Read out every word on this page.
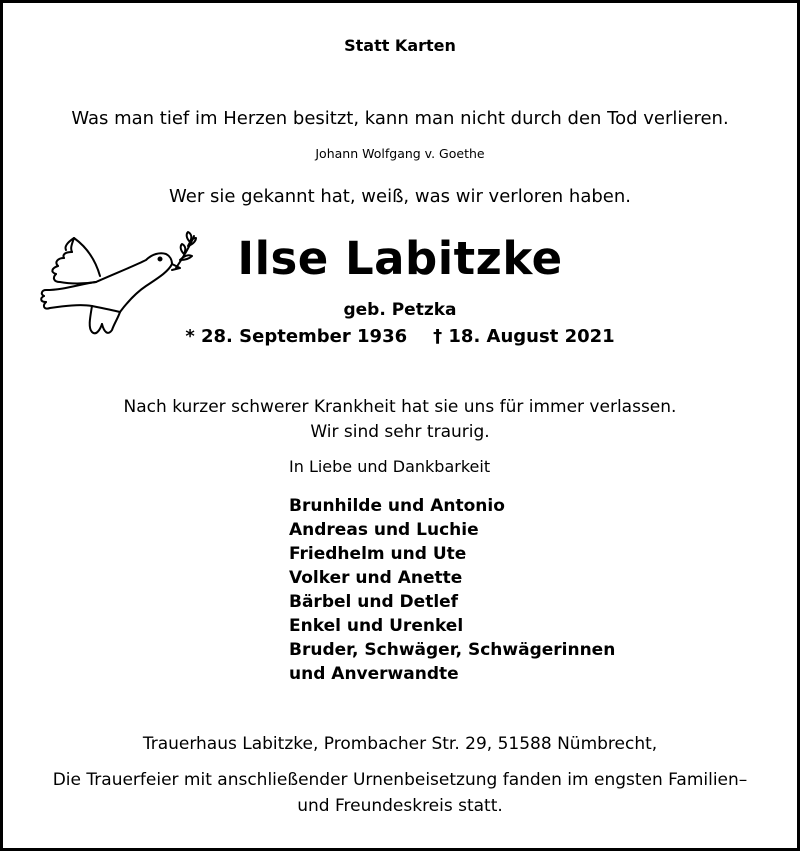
Statt Karten
Was man tief im Herzen besitzt, kann man nicht durch den Tod verlieren.
Johann Wolfgang v. Goethe
Wer sie gekannt hat, weiß, was wir verloren haben.
Ilse Labitzke
geb. Petzka
* 28. September 1936 † 18. August 2021
Nach kurzer schwerer Krankheit hat sie uns für immer verlassen.
Wir sind sehr traurig.
In Liebe und Dankbarkeit
Brunhilde und Antonio
Andreas und Luchie
Friedhelm und Ute
Volker und Anette
Bärbel und Detlef
Enkel und Urenkel
Bruder, Schwäger, Schwägerinnen
und Anverwandte
Trauerhaus Labitzke, Prombacher Str. 29, 51588 Nümbrecht,
Die Trauerfeier mit anschließender Urnenbeisetzung fanden im engsten Familien–
und Freundeskreis statt.
